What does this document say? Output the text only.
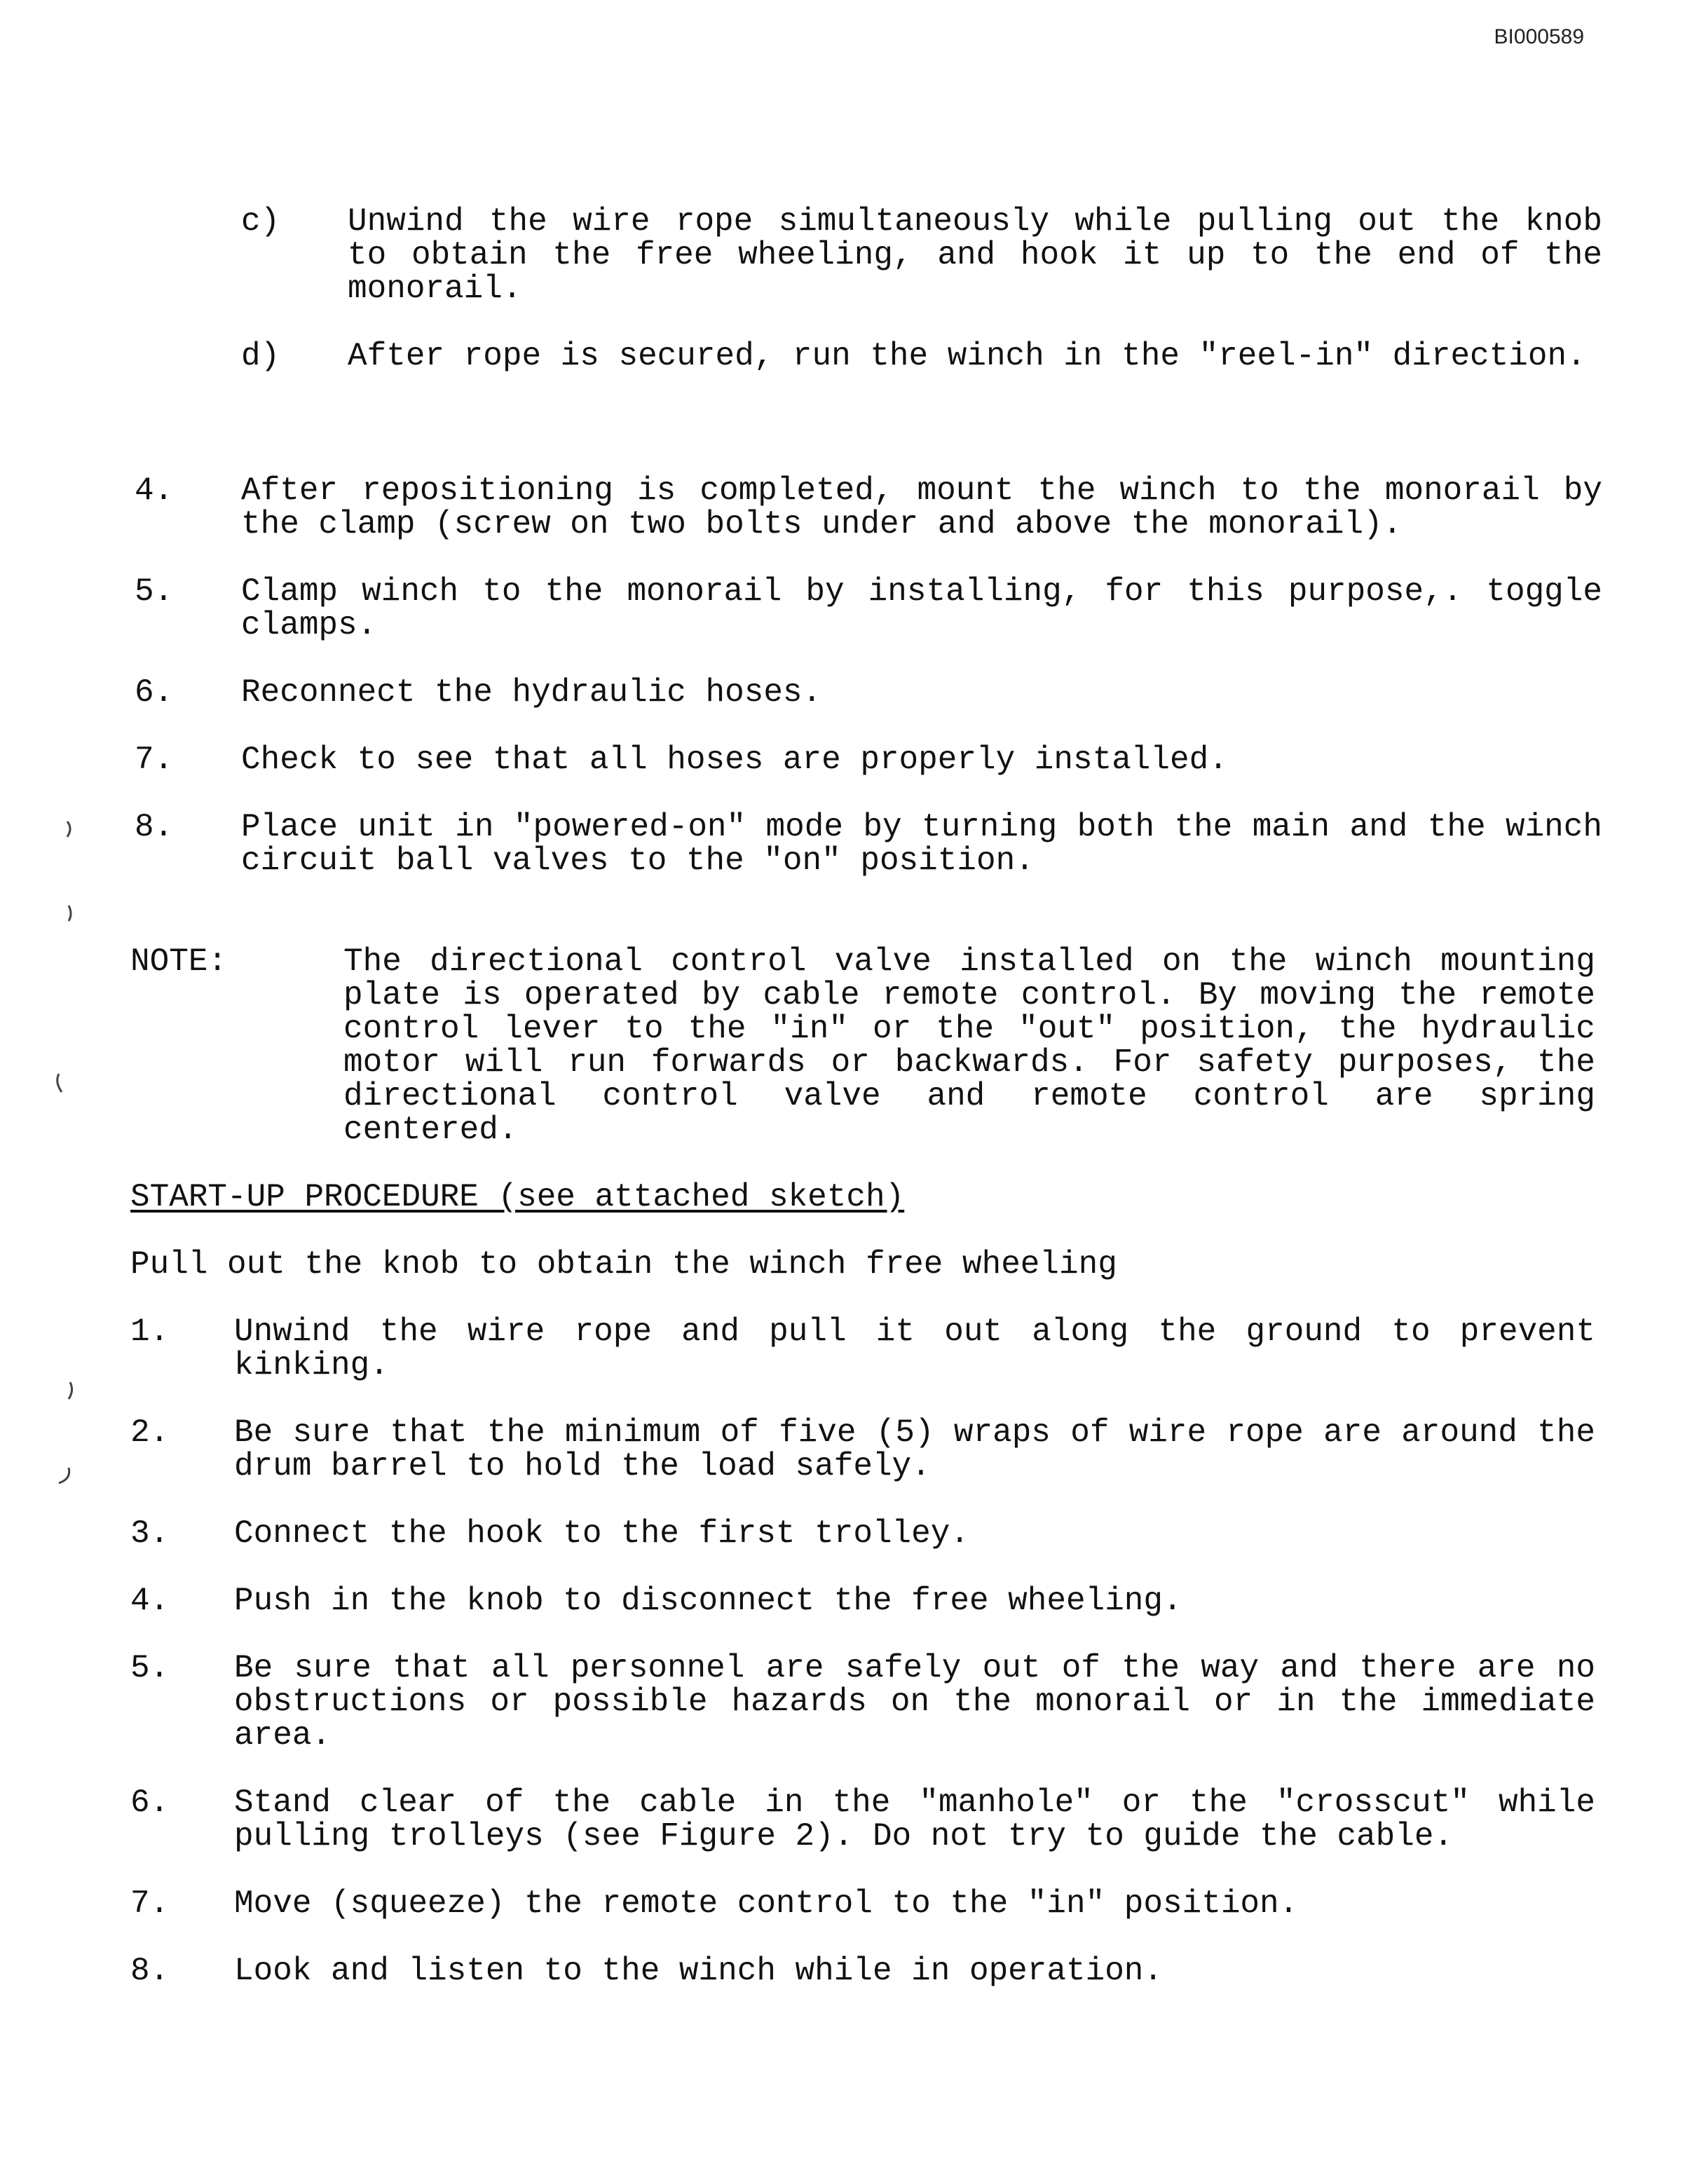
BI000589
c) Unwind the wire rope simultaneously while pulling out the knob to obtain the free wheeling, and hook it up to the end of the monorail.
d) After rope is secured, run the winch in the "reel-in" direction.
4. After repositioning is completed, mount the winch to the monorail by the clamp (screw on two bolts under and above the monorail).
5. Clamp winch to the monorail by installing, for this purpose,. toggle clamps.
6. Reconnect the hydraulic hoses.
7. Check to see that all hoses are properly installed.
8. Place unit in "powered-on" mode by turning both the main and the winch circuit ball valves to the "on" position.
NOTE:	The directional control valve installed on the winch mounting plate is operated by cable remote control. By moving the remote control lever to the "in" or the "out" position, the hydraulic motor will run forwards or backwards. For safety purposes, the directional control valve and remote control are spring centered.
START-UP PROCEDURE (see attached sketch)
Pull out the knob to obtain the winch free wheeling
1. Unwind the wire rope and pull it out along the ground to prevent kinking.
2. Be sure that the minimum of five (5) wraps of wire rope are around the drum barrel to hold the load safely.
3. Connect the hook to the first trolley.
4. Push in the knob to disconnect the free wheeling.
5. Be sure that all personnel are safely out of the way and there are no obstructions or possible hazards on the monorail or in the immediate area.
6. Stand clear of the cable in the "manhole" or the "crosscut" while pulling trolleys (see Figure 2). Do not try to guide the cable.
7. Move (squeeze) the remote control to the "in" position.
8. Look and listen to the winch while in operation.
